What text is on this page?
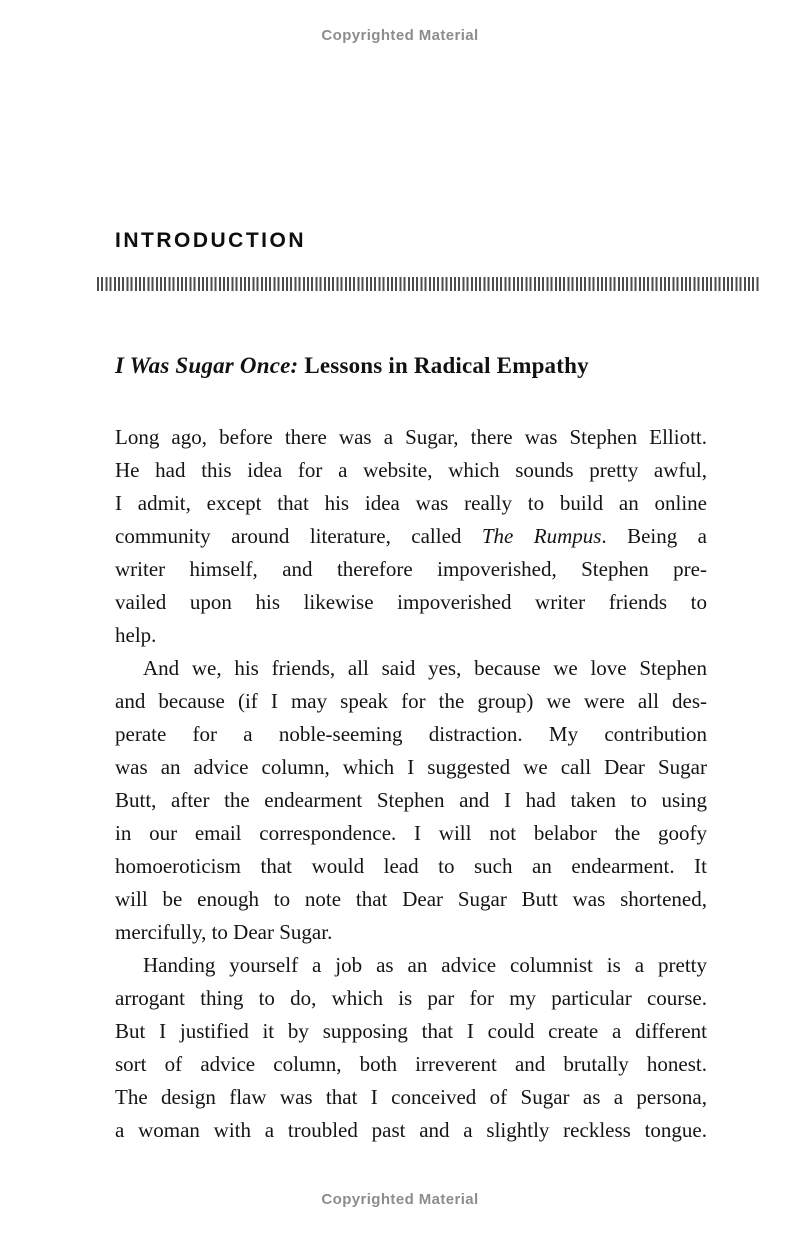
Copyrighted Material
INTRODUCTION
I Was Sugar Once: Lessons in Radical Empathy
Long ago, before there was a Sugar, there was Stephen Elliott.
He had this idea for a website, which sounds pretty awful,
I admit, except that his idea was really to build an online
community around literature, called The Rumpus. Being a
writer himself, and therefore impoverished, Stephen pre-
vailed upon his likewise impoverished writer friends to
help.
And we, his friends, all said yes, because we love Stephen
and because (if I may speak for the group) we were all des-
perate for a noble-seeming distraction. My contribution
was an advice column, which I suggested we call Dear Sugar
Butt, after the endearment Stephen and I had taken to using
in our email correspondence. I will not belabor the goofy
homoeroticism that would lead to such an endearment. It
will be enough to note that Dear Sugar Butt was shortened,
mercifully, to Dear Sugar.
Handing yourself a job as an advice columnist is a pretty
arrogant thing to do, which is par for my particular course.
But I justified it by supposing that I could create a different
sort of advice column, both irreverent and brutally honest.
The design flaw was that I conceived of Sugar as a persona,
a woman with a troubled past and a slightly reckless tongue.
Copyrighted Material
